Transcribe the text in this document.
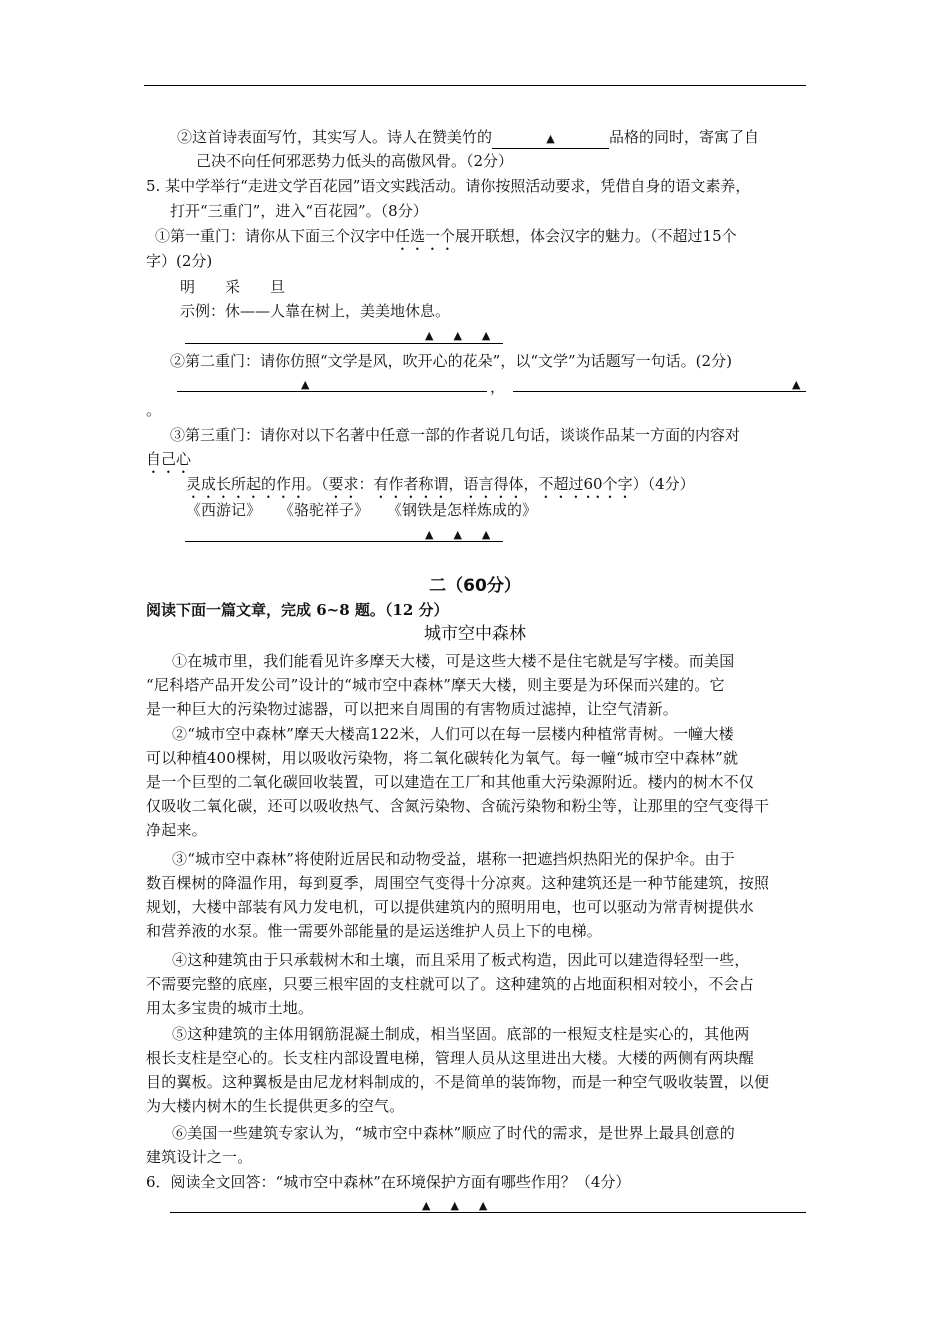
②这首诗表面写竹，其实写人。诗人在赞美竹的	▲	品格的同时，寄寓了自
己决不向任何邪恶势力低头的高傲风骨。（2分）
5. 某中学举行“走进文学百花园”语文实践活动。请你按照活动要求，凭借自身的语文素养，
打开“三重门”，进入“百花园”。（8分）
①第一重门：请你从下面三个汉字中任选一个展开联想，体会汉字的魅力。（不超过15个
字）(2分)
明 采 旦
示例：休——人靠在树上，美美地休息。
▲▲▲
②第二重门：请你仿照“文学是风，吹开心的花朵”，以“文学”为话题写一句话。(2分)
▲	，	▲
。
③第三重门：请你对以下名著中任意一部的作者说几句话，谈谈作品某一方面的内容对
自己心
灵成长所起的作用。（要求：有作者称谓，语言得体，不超过60个字）（4分）
《西游记》 《骆驼祥子》 《钢铁是怎样炼成的》
▲▲▲
二（60分）
阅读下面一篇文章，完成 6~8 题。（12 分）
城市空中森林
①在城市里，我们能看见许多摩天大楼，可是这些大楼不是住宅就是写字楼。而美国
“尼科塔产品开发公司”设计的“城市空中森林”摩天大楼，则主要是为环保而兴建的。它
是一种巨大的污染物过滤器，可以把来自周围的有害物质过滤掉，让空气清新。
②“城市空中森林”摩天大楼高122米，人们可以在每一层楼内种植常青树。一幢大楼
可以种植400棵树，用以吸收污染物，将二氧化碳转化为氧气。每一幢“城市空中森林”就
是一个巨型的二氧化碳回收装置，可以建造在工厂和其他重大污染源附近。楼内的树木不仅
仅吸收二氧化碳，还可以吸收热气、含氮污染物、含硫污染物和粉尘等，让那里的空气变得干
净起来。
③“城市空中森林”将使附近居民和动物受益，堪称一把遮挡炽热阳光的保护伞。由于
数百棵树的降温作用，每到夏季，周围空气变得十分凉爽。这种建筑还是一种节能建筑，按照
规划，大楼中部装有风力发电机，可以提供建筑内的照明用电，也可以驱动为常青树提供水
和营养液的水泵。惟一需要外部能量的是运送维护人员上下的电梯。
④这种建筑由于只承载树木和土壤，而且采用了板式构造，因此可以建造得轻型一些，
不需要完整的底座，只要三根牢固的支柱就可以了。这种建筑的占地面积相对较小，不会占
用太多宝贵的城市土地。
⑤这种建筑的主体用钢筋混凝土制成，相当坚固。底部的一根短支柱是实心的，其他两
根长支柱是空心的。长支柱内部设置电梯，管理人员从这里进出大楼。大楼的两侧有两块醒
目的翼板。这种翼板是由尼龙材料制成的，不是简单的装饰物，而是一种空气吸收装置，以便
为大楼内树木的生长提供更多的空气。
⑥美国一些建筑专家认为，“城市空中森林”顺应了时代的需求，是世界上最具创意的
建筑设计之一。
6．阅读全文回答：“城市空中森林”在环境保护方面有哪些作用？（4分）
▲▲▲
